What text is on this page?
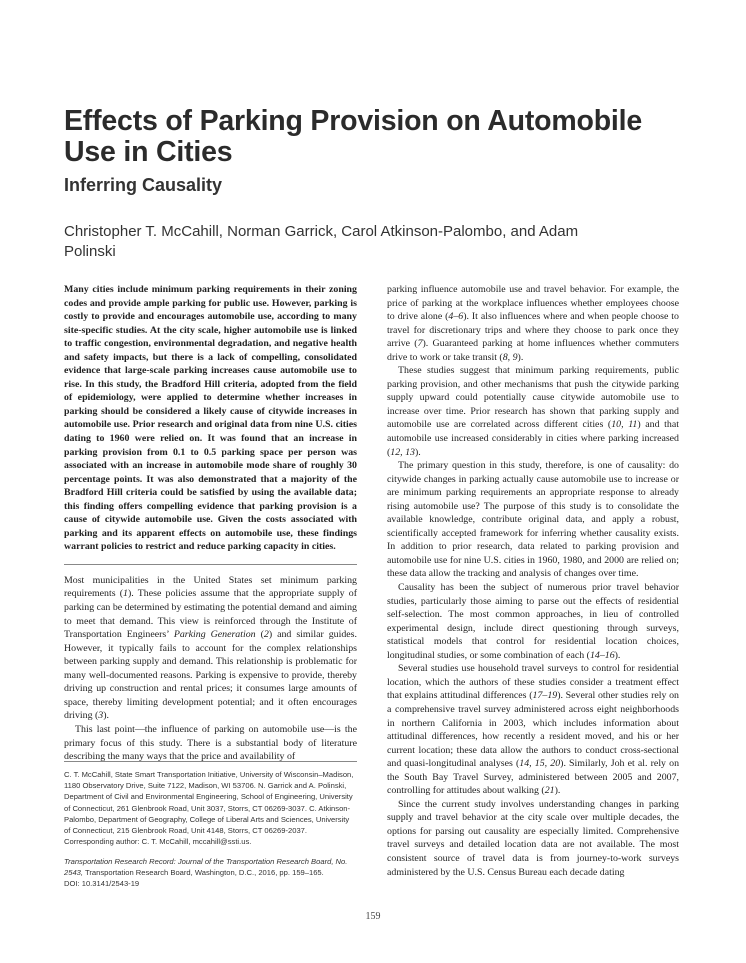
Effects of Parking Provision on Automobile Use in Cities
Inferring Causality

Christopher T. McCahill, Norman Garrick, Carol Atkinson-Palombo, and Adam Polinski

Many cities include minimum parking requirements in their zoning codes and provide ample parking for public use. However, parking is costly to provide and encourages automobile use, according to many site-specific studies. At the city scale, higher automobile use is linked to traffic congestion, environmental degradation, and negative health and safety impacts, but there is a lack of compelling, consolidated evidence that large-scale parking increases cause automobile use to rise. In this study, the Bradford Hill criteria, adopted from the field of epidemiology, were applied to determine whether increases in parking should be considered a likely cause of citywide increases in automobile use. Prior research and original data from nine U.S. cities dating to 1960 were relied on. It was found that an increase in parking provision from 0.1 to 0.5 parking space per person was associated with an increase in automobile mode share of roughly 30 percentage points. It was also demonstrated that a majority of the Bradford Hill criteria could be satisfied by using the available data; this finding offers compelling evidence that parking provision is a cause of citywide automobile use. Given the costs associated with parking and its apparent effects on automobile use, these findings warrant policies to restrict and reduce parking capacity in cities.

Most municipalities in the United States set minimum parking requirements (1). These policies assume that the appropriate supply of parking can be determined by estimating the potential demand and aiming to meet that demand. This view is reinforced through the Institute of Transportation Engineers’ Parking Generation (2) and similar guides. However, it typically fails to account for the complex relationships between parking supply and demand. This relationship is problematic for many well-documented reasons. Parking is expensive to provide, thereby driving up construction and rental prices; it consumes large amounts of space, thereby limiting development potential; and it often encourages driving (3).

This last point—the influence of parking on automobile use—is the primary focus of this study. There is a substantial body of literature describing the many ways that the price and availability of

C. T. McCahill, State Smart Transportation Initiative, University of Wisconsin–Madison, 1180 Observatory Drive, Suite 7122, Madison, WI 53706. N. Garrick and A. Polinski, Department of Civil and Environmental Engineering, School of Engineering, University of Connecticut, 261 Glenbrook Road, Unit 3037, Storrs, CT 06269-3037. C. Atkinson-Palombo, Department of Geography, College of Liberal Arts and Sciences, University of Connecticut, 215 Glenbrook Road, Unit 4148, Storrs, CT 06269-2037. Corresponding author: C. T. McCahill, mccahill@ssti.us.

Transportation Research Record: Journal of the Transportation Research Board, No. 2543, Transportation Research Board, Washington, D.C., 2016, pp. 159–165.
DOI: 10.3141/2543-19

parking influence automobile use and travel behavior. For example, the price of parking at the workplace influences whether employees choose to drive alone (4–6). It also influences where and when people choose to travel for discretionary trips and where they choose to park once they arrive (7). Guaranteed parking at home influences whether commuters drive to work or take transit (8, 9).

These studies suggest that minimum parking requirements, public parking provision, and other mechanisms that push the citywide parking supply upward could potentially cause citywide automobile use to increase over time. Prior research has shown that parking supply and automobile use are correlated across different cities (10, 11) and that automobile use increased considerably in cities where parking increased (12, 13).

The primary question in this study, therefore, is one of causality: do citywide changes in parking actually cause automobile use to increase or are minimum parking requirements an appropriate response to already rising automobile use? The purpose of this study is to consolidate the available knowledge, contribute original data, and apply a robust, scientifically accepted framework for inferring whether causality exists. In addition to prior research, data related to parking provision and automobile use for nine U.S. cities in 1960, 1980, and 2000 are relied on; these data allow the tracking and analysis of changes over time.

Causality has been the subject of numerous prior travel behavior studies, particularly those aiming to parse out the effects of residential self-selection. The most common approaches, in lieu of controlled experimental design, include direct questioning through surveys, statistical models that control for residential location choices, longitudinal studies, or some combination of each (14–16).

Several studies use household travel surveys to control for residential location, which the authors of these studies consider a treatment effect that explains attitudinal differences (17–19). Several other studies rely on a comprehensive travel survey administered across eight neighborhoods in northern California in 2003, which includes information about attitudinal differences, how recently a resident moved, and his or her current location; these data allow the authors to conduct cross-sectional and quasi-longitudinal analyses (14, 15, 20). Similarly, Joh et al. rely on the South Bay Travel Survey, administered between 2005 and 2007, controlling for attitudes about walking (21).

Since the current study involves understanding changes in parking supply and travel behavior at the city scale over multiple decades, the options for parsing out causality are especially limited. Comprehensive travel surveys and detailed location data are not available. The most consistent source of travel data is from journey-to-work surveys administered by the U.S. Census Bureau each decade dating

159
